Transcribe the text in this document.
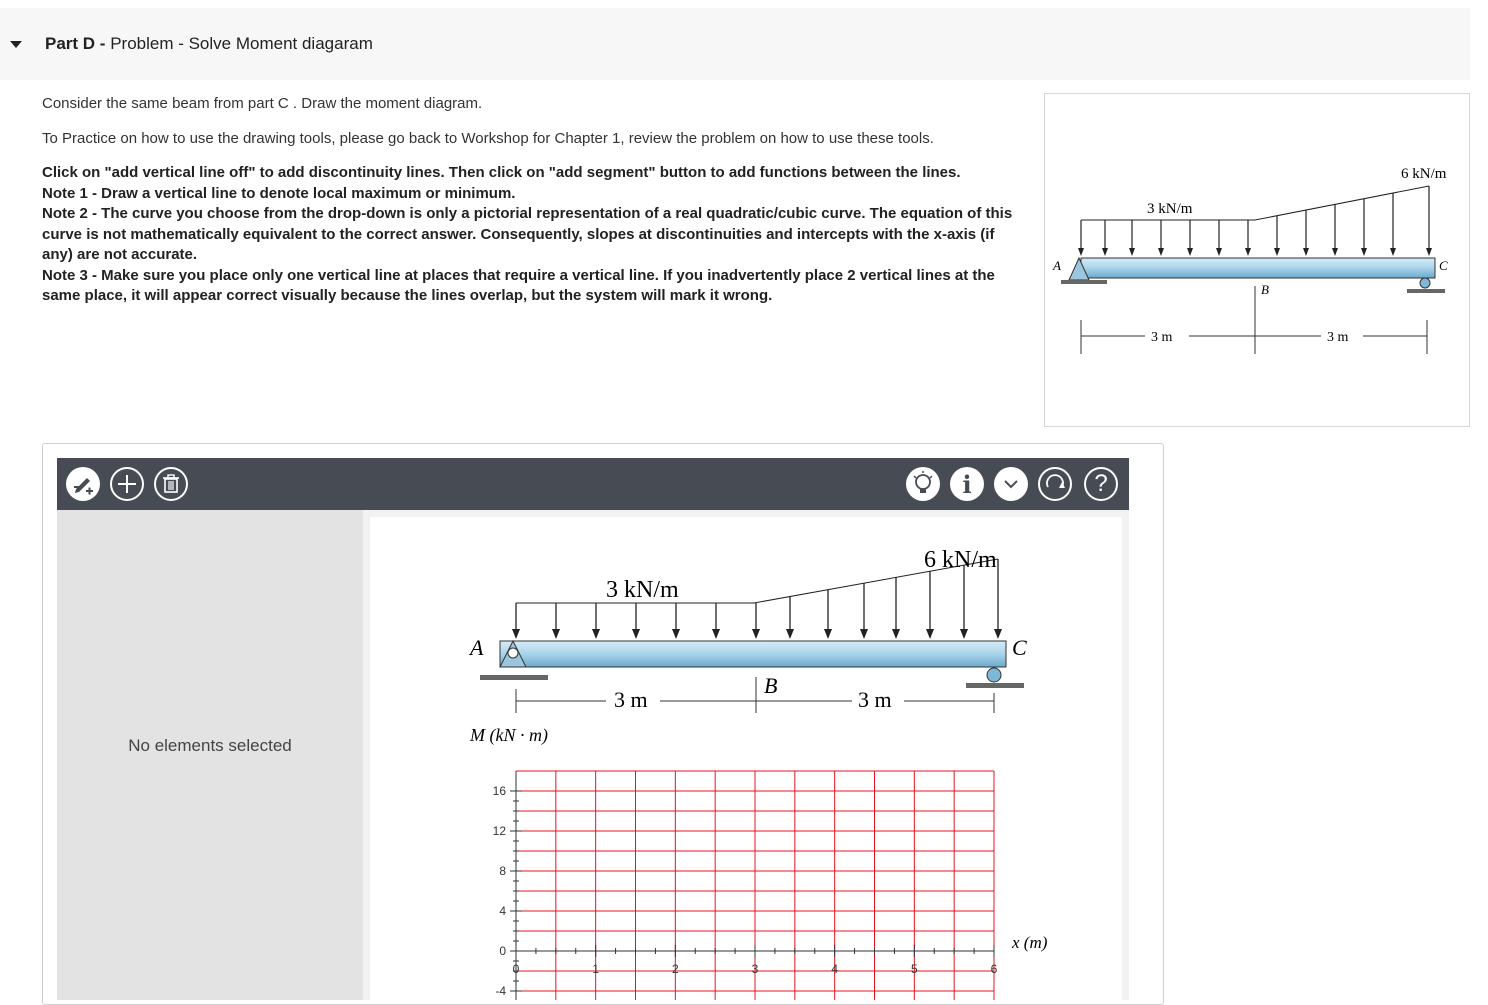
Part D - Problem - Solve Moment diagaram

Consider the same beam from part C . Draw the moment diagram.

To Practice on how to use the drawing tools, please go back to Workshop for Chapter 1, review the problem on how to use these tools.

Click on "add vertical line off" to add discontinuity lines. Then click on "add segment" button to add functions between the lines.
Note 1 - Draw a vertical line to denote local maximum or minimum.
Note 2 - The curve you choose from the drop-down is only a pictorial representation of a real quadratic/cubic curve. The equation of this curve is not mathematically equivalent to the correct answer. Consequently, slopes at discontinuities and intercepts with the x-axis (if any) are not accurate.
Note 3 - Make sure you place only one vertical line at places that require a vertical line. If you inadvertently place 2 vertical lines at the same place, it will appear correct visually because the lines overlap, but the system will mark it wrong.
A
B
C
3 kN/m
6 kN/m
3 m	3 m
i	?
No elements selected
A
B
C
3 kN/m
6 kN/m
3 m	3 m
M (kN · m)
x (m)
16
12
8
4
0
-4
0	1	2	3	4	5	6
